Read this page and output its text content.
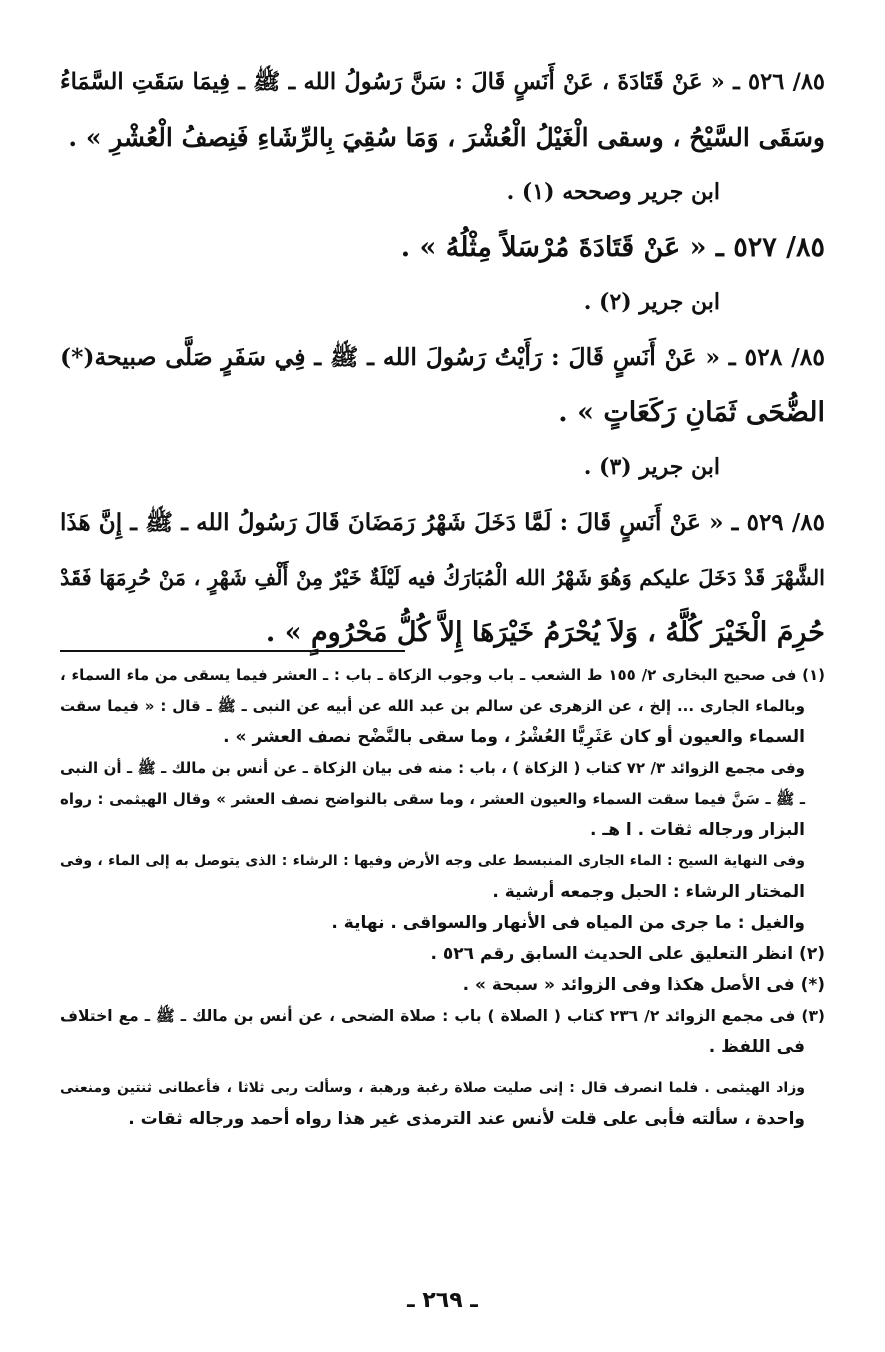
٨٥/ ٥٢٦ ـ « عَنْ قَتَادَةَ ، عَنْ أَنَسٍ قَالَ : سَنَّ رَسُولُ الله ـ ﷺ ـ فِيمَا سَقَتِ السَّمَاءُ
وسَقَى السَّيْحُ ، وسقى الْغَيْلُ الْعُشْرَ ، وَمَا سُقِيَ بِالرِّشَاءِ فَنِصفُ الْعُشْرِ » .
ابن جرير وصححه (١) .
٨٥/ ٥٢٧ ـ « عَنْ قَتَادَةَ مُرْسَلاً مِثْلُهُ » .
ابن جرير (٢) .
٨٥/ ٥٢٨ ـ « عَنْ أَنَسٍ قَالَ : رَأَيْتُ رَسُولَ الله ـ ﷺ ـ فِي سَفَرٍ صَلَّى صبيحة(*)
الضُّحَى ثَمَانِ رَكَعَاتٍ » .
ابن جرير (٣) .
٨٥/ ٥٢٩ ـ « عَنْ أَنَسٍ قَالَ : لَمَّا دَخَلَ شَهْرُ رَمَضَانَ قَالَ رَسُولُ الله ـ ﷺ ـ إِنَّ هَذَا
الشَّهْرَ قَدْ دَخَلَ عليكم وَهُوَ شَهْرُ الله الْمُبَارَكُ فيه لَيْلَةٌ خَيْرٌ مِنْ أَلْفِ شَهْرٍ ، مَنْ حُرِمَهَا فَقَدْ
حُرِمَ الْخَيْرَ كُلَّهُ ، وَلاَ يُحْرَمُ خَيْرَهَا إِلاَّ كُلُّ مَحْرُومٍ » .
(١) فى صحيح البخارى ٢/ ١٥٥ ط الشعب ـ باب وجوب الزكاة ـ باب : ـ العشر فيما يسقى من ماء السماء ،
وبالماء الجارى ... إلخ ، عن الزهرى عن سالم بن عبد الله عن أبيه عن النبى ـ ﷺ ـ قال : « فيما سقت
السماء والعيون أو كان عَثَرِيًّا العُشْرُ ، وما سقى بالنَّضْح نصف العشر » .
وفى مجمع الزوائد ٣/ ٧٢ كتاب ( الزكاة ) ، باب : منه فى بيان الزكاة ـ عن أنس بن مالك ـ ﷺ ـ أن النبى
ـ ﷺ ـ سَنَّ فيما سقت السماء والعيون العشر ، وما سقى بالنواضح نصف العشر » وقال الهيثمى : رواه
البزار ورجاله ثقات . ا هـ .
وفى النهاية السيح : الماء الجارى المنبسط على وجه الأرض وفيها : الرشاء : الذى يتوصل به إلى الماء ، وفى
المختار الرشاء : الحبل وجمعه أرشية .
والغيل : ما جرى من المياه فى الأنهار والسواقى . نهاية .
(٢) انظر التعليق على الحديث السابق رقم ٥٢٦ .
(*) فى الأصل هكذا وفى الزوائد « سبحة » .
(٣) فى مجمع الزوائد ٢/ ٢٣٦ كتاب ( الصلاة ) باب : صلاة الضحى ، عن أنس بن مالك ـ ﷺ ـ مع اختلاف
فى اللفظ .
وزاد الهيثمى . فلما انصرف قال : إنى صليت صلاة رغبة ورهبة ، وسألت ربى ثلاثا ، فأعطانى ثنتين ومنعنى
واحدة ، سألته فأبى على قلت لأنس عند الترمذى غير هذا رواه أحمد ورجاله ثقات .
ـ ٢٦٩ ـ
